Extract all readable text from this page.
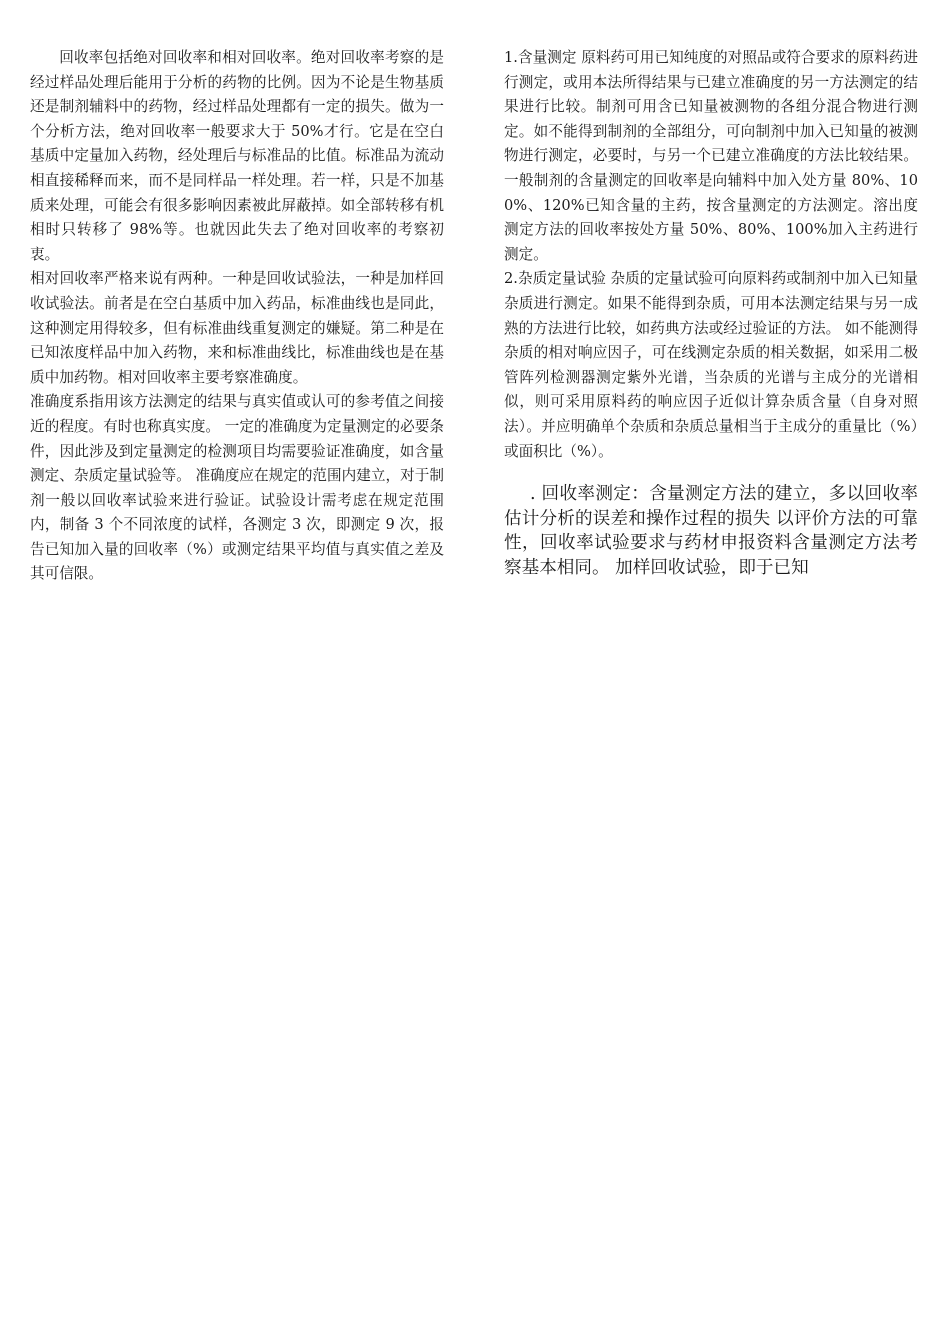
回收率包括绝对回收率和相对回收率。绝对回收率考察的是经过样品处理后能用于分析的药物的比例。因为不论是生物基质还是制剂辅料中的药物，经过样品处理都有一定的损失。做为一个分析方法，绝对回收率一般要求大于 50%才行。它是在空白基质中定量加入药物，经处理后与标准品的比值。标准品为流动相直接稀释而来，而不是同样品一样处理。若一样，只是不加基质来处理，可能会有很多影响因素被此屏蔽掉。如全部转移有机相时只转移了 98%等。也就因此失去了绝对回收率的考察初衷。

相对回收率严格来说有两种。一种是回收试验法，一种是加样回收试验法。前者是在空白基质中加入药品，标准曲线也是同此，这种测定用得较多，但有标准曲线重复测定的嫌疑。第二种是在已知浓度样品中加入药物，来和标准曲线比，标准曲线也是在基质中加药物。相对回收率主要考察准确度。

准确度系指用该方法测定的结果与真实值或认可的参考值之间接近的程度。有时也称真实度。 一定的准确度为定量测定的必要条件，因此涉及到定量测定的检测项目均需要验证准确度，如含量测定、杂质定量试验等。 准确度应在规定的范围内建立，对于制剂一般以回收率试验来进行验证。试验设计需考虑在规定范围内，制备 3 个不同浓度的试样，各测定 3 次，即测定 9 次，报告已知加入量的回收率（%）或测定结果平均值与真实值之差及其可信限。

1.含量测定 原料药可用已知纯度的对照品或符合要求的原料药进行测定，或用本法所得结果与已建立准确度的另一方法测定的结果进行比较。制剂可用含已知量被测物的各组分混合物进行测定。如不能得到制剂的全部组分，可向制剂中加入已知量的被测物进行测定，必要时，与另一个已建立准确度的方法比较结果。一般制剂的含量测定的回收率是向辅料中加入处方量 80%、100%、120%已知含量的主药，按含量测定的方法测定。溶出度测定方法的回收率按处方量 50%、80%、100%加入主药进行测定。

2.杂质定量试验 杂质的定量试验可向原料药或制剂中加入已知量杂质进行测定。如果不能得到杂质，可用本法测定结果与另一成熟的方法进行比较，如药典方法或经过验证的方法。 如不能测得杂质的相对响应因子，可在线测定杂质的相关数据，如采用二极管阵列检测器测定紫外光谱，当杂质的光谱与主成分的光谱相似，则可采用原料药的响应因子近似计算杂质含量（自身对照法）。并应明确单个杂质和杂质总量相当于主成分的重量比（%）或面积比（%）。

. 回收率测定：含量测定方法的建立，多以回收率估计分析的误差和操作过程的损失 以评价方法的可靠性，回收率试验要求与药材申报资料含量测定方法考察基本相同。 加样回收试验，即于已知
